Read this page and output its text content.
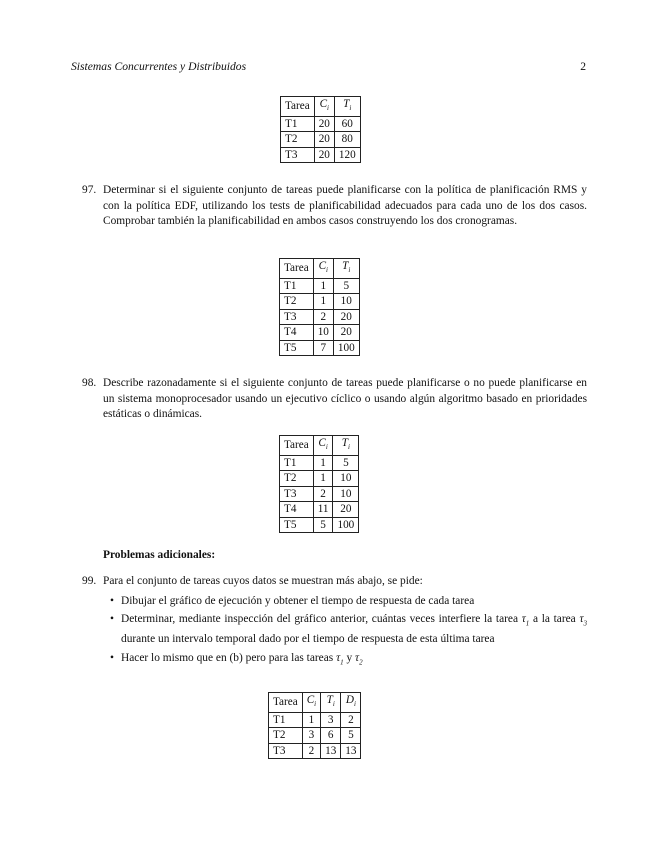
Sistemas Concurrentes y Distribuidos	2
Tarea	$C_i$	$T_i$
T1	20	60
T2	20	80
T3	20	120
97. Determinar si el siguiente conjunto de tareas puede planificarse con la política de planificación RMS y con la política EDF, utilizando los tests de planificabilidad adecuados para cada uno de los dos casos. Comprobar también la planificabilidad en ambos casos construyendo los dos cronogramas.
Tarea	$C_i$	$T_i$
T1	1	5
T2	1	10
T3	2	20
T4	10	20
T5	7	100
98. Describe razonadamente si el siguiente conjunto de tareas puede planificarse o no puede planificarse en un sistema monoprocesador usando un ejecutivo cíclico o usando algún algoritmo basado en prioridades estáticas o dinámicas.
Tarea	$C_i$	$T_i$
T1	1	5
T2	1	10
T3	2	10
T4	11	20
T5	5	100
Problemas adicionales:
99. Para el conjunto de tareas cuyos datos se muestran más abajo, se pide:
• Dibujar el gráfico de ejecución y obtener el tiempo de respuesta de cada tarea
• Determinar, mediante inspección del gráfico anterior, cuántas veces interfiere la tarea $\tau_1$ a la tarea $\tau_3$ durante un intervalo temporal dado por el tiempo de respuesta de esta última tarea
• Hacer lo mismo que en (b) pero para las tareas $\tau_1$ y $\tau_2$
Tarea	$C_i$	$T_i$	$D_i$
T1	1	3	2
T2	3	6	5
T3	2	13	13
